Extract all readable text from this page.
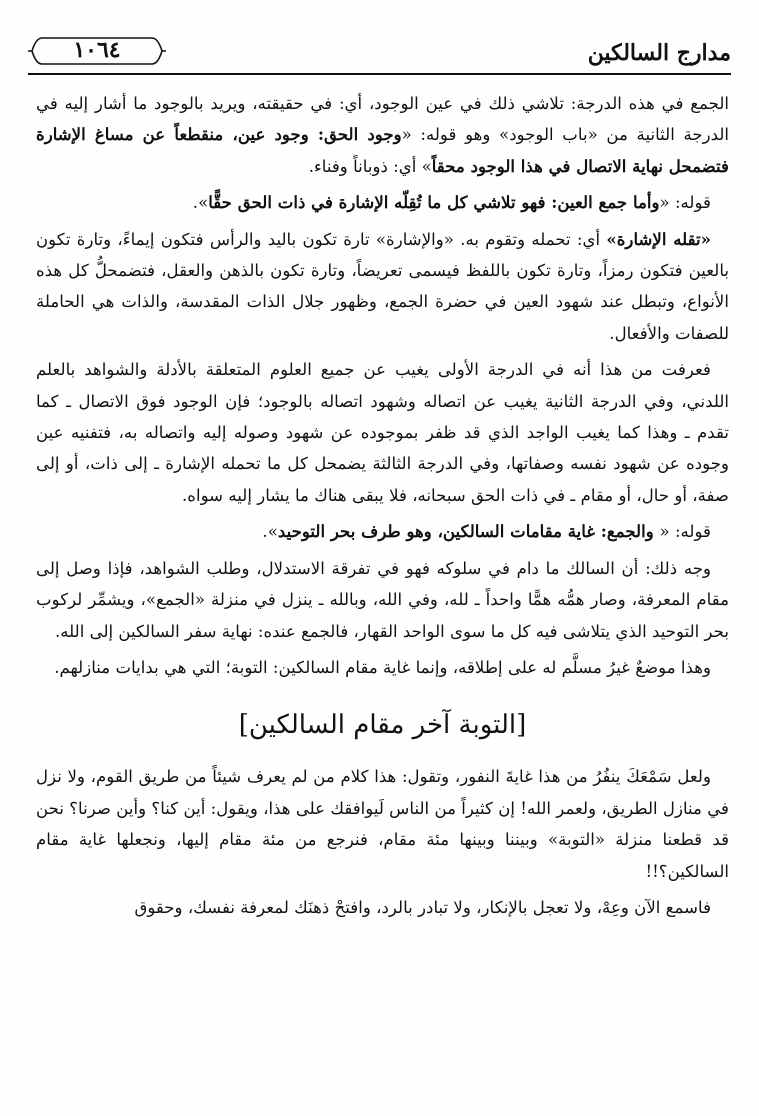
مدارج السالكين
١٠٦٤

الجمع في هذه الدرجة: تلاشي ذلك في عين الوجود، أي: في حقيقته، ويريد بالوجود ما أشار إليه في الدرجة الثانية من «باب الوجود» وهو قوله: «وجود الحق: وجود عين، منقطعاً عن مساغ الإشارة فتضمحل نهاية الاتصال في هذا الوجود محقاً» أي: ذوباناً وفناء.

قوله: «وأما جمع العين: فهو تلاشي كل ما تُقِلّه الإشارة في ذات الحق حقًّا».

«تقله الإشارة» أي: تحمله وتقوم به. «والإشارة» تارة تكون باليد والرأس فتكون إيماءً، وتارة تكون بالعين فتكون رمزاً، وتارة تكون باللفظ فيسمى تعريضاً، وتارة تكون بالذهن والعقل، فتضمحلُّ كل هذه الأنواع، وتبطل عند شهود العين في حضرة الجمع، وظهور جلال الذات المقدسة، والذات هي الحاملة للصفات والأفعال.

فعرفت من هذا أنه في الدرجة الأولى يغيب عن جميع العلوم المتعلقة بالأدلة والشواهد بالعلم اللدني، وفي الدرجة الثانية يغيب عن اتصاله وشهود اتصاله بالوجود؛ فإن الوجود فوق الاتصال ـ كما تقدم ـ وهذا كما يغيب الواجد الذي قد ظفر بموجوده عن شهود وصوله إليه واتصاله به، فتفنيه عين وجوده عن شهود نفسه وصفاتها، وفي الدرجة الثالثة يضمحل كل ما تحمله الإشارة ـ إلى ذات، أو إلى صفة، أو حال، أو مقام ـ في ذات الحق سبحانه، فلا يبقى هناك ما يشار إليه سواه.

قوله: « والجمع: غاية مقامات السالكين، وهو طرف بحر التوحيد».

وجه ذلك: أن السالك ما دام في سلوكه فهو في تفرقة الاستدلال، وطلب الشواهد، فإذا وصل إلى مقام المعرفة، وصار همُّه همًّا واحداً ـ لله، وفي الله، وبالله ـ ينزل في منزلة «الجمع»، ويشمِّر لركوب بحر التوحيد الذي يتلاشى فيه كل ما سوى الواحد القهار، فالجمع عنده: نهاية سفر السالكين إلى الله.

وهذا موضعٌ غيرُ مسلَّم له على إطلاقه، وإنما غاية مقام السالكين: التوبة؛ التي هي بدايات منازلهم.

[التوبة آخر مقام السالكين]

ولعل سَمْعَكَ ينفُرُ من هذا غايةَ النفور، وتقول: هذا كلام من لم يعرف شيئاً من طريق القوم، ولا نزل في منازل الطريق، ولعمر الله! إن كثيراً من الناس لَيوافقك على هذا، ويقول: أين كنا؟ وأين صرنا؟ نحن قد قطعنا منزلة «التوبة» وبيننا وبينها مئة مقام، فنرجع من مئة مقام إليها، ونجعلها غاية مقام السالكين؟!!

فاسمع الآن وعِهْ، ولا تعجل بالإنكار، ولا تبادر بالرد، وافتحْ ذهنَك لمعرفة نفسك، وحقوق
